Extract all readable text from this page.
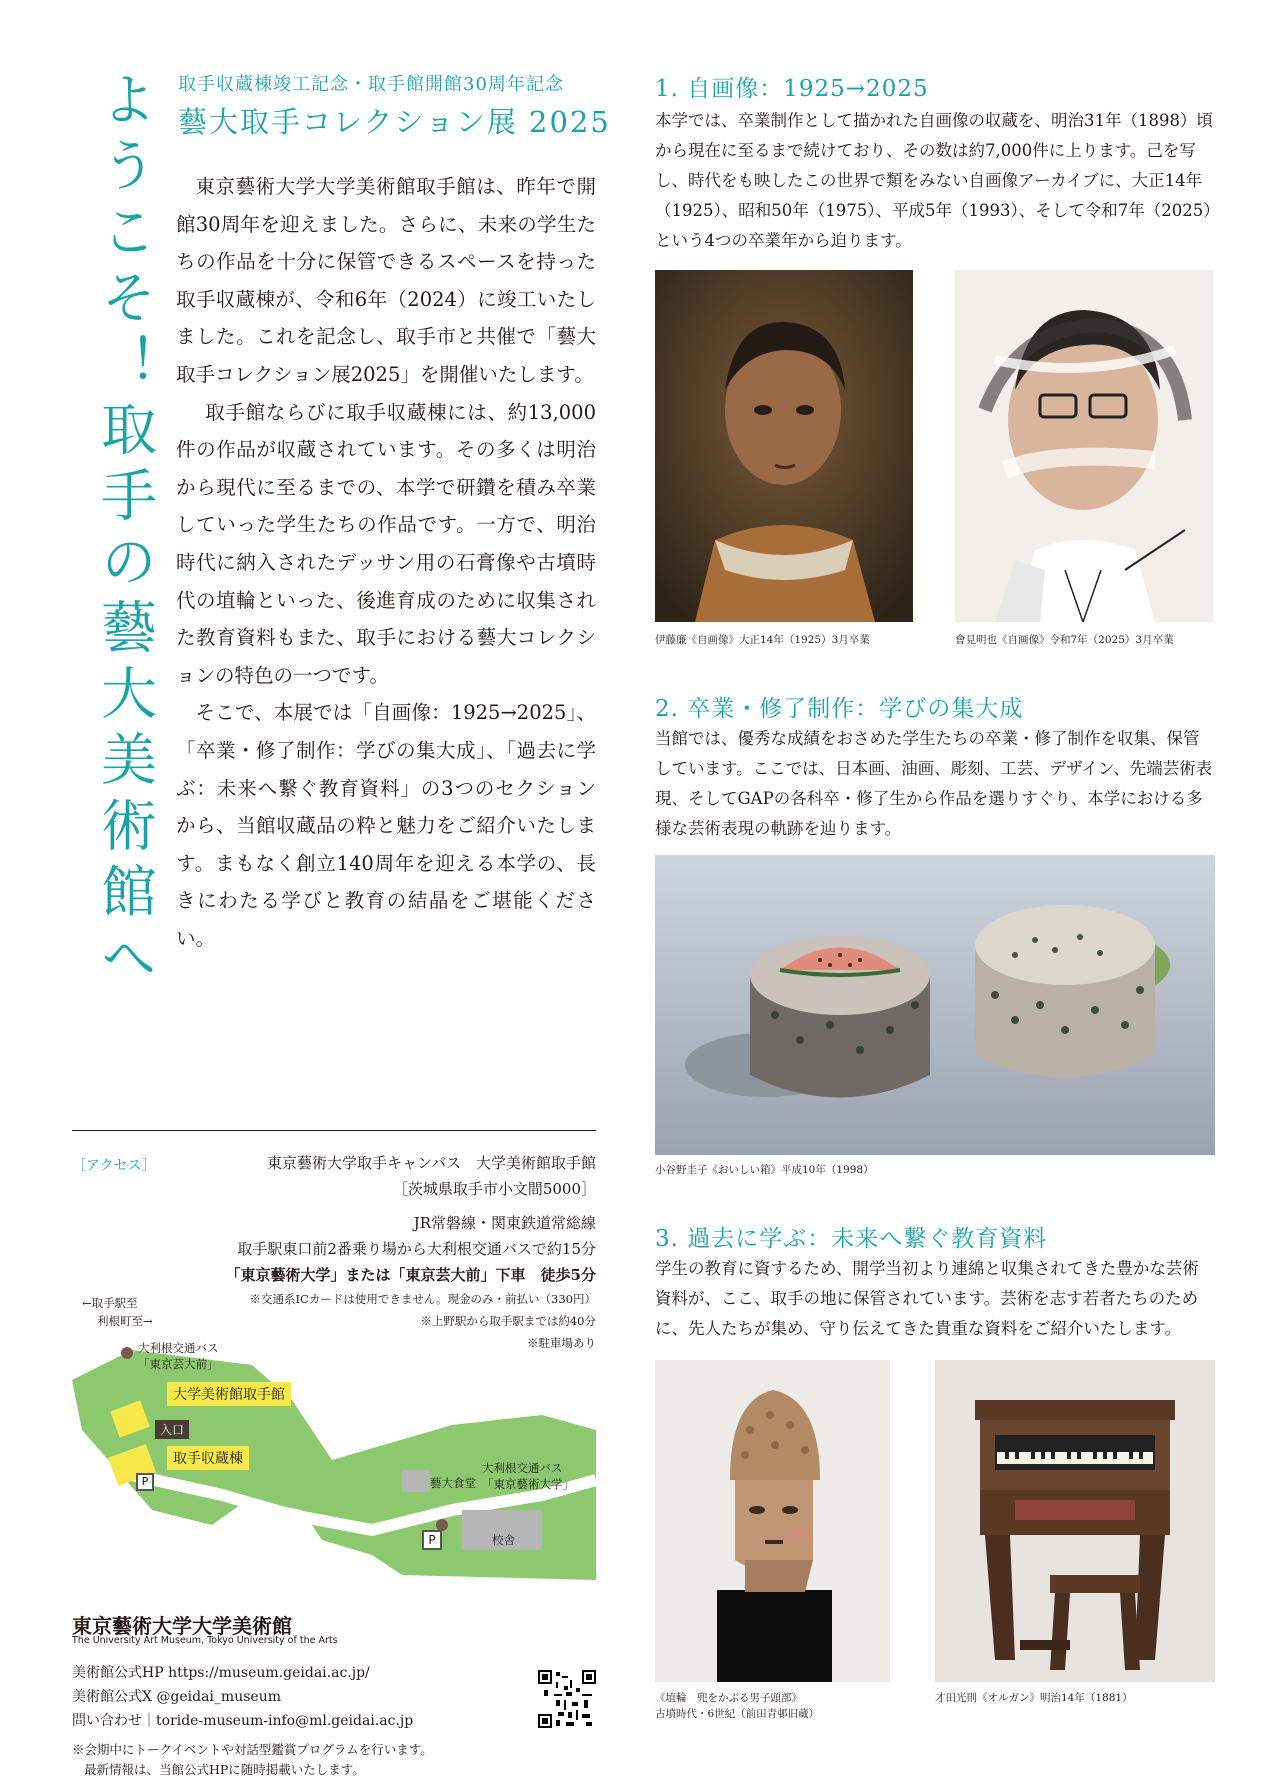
ようこそ！
取手の藝大美術館へ
取手収蔵棟竣工記念・取手館開館30周年記念
藝大取手コレクション展 2025

東京藝術大学大学美術館取手館は、昨年で開館30周年を迎えました。さらに、未来の学生たちの作品を十分に保管できるスペースを持った取手収蔵棟が、令和6年（2024）に竣工いたしました。これを記念し、取手市と共催で「藝大取手コレクション展2025」を開催いたします。

取手館ならびに取手収蔵棟には、約13,000件の作品が収蔵されています。その多くは明治から現代に至るまでの、本学で研鑽を積み卒業していった学生たちの作品です。一方で、明治時代に納入されたデッサン用の石膏像や古墳時代の埴輪といった、後進育成のために収集された教育資料もまた、取手における藝大コレクションの特色の一つです。

そこで、本展では「自画像：1925→2025」、「卒業・修了制作：学びの集大成」、「過去に学ぶ：未来へ繋ぐ教育資料」の3つのセクションから、当館収蔵品の粋と魅力をご紹介いたします。まもなく創立140周年を迎える本学の、長きにわたる学びと教育の結晶をご堪能ください。

［アクセス］	東京藝術大学取手キャンパス　大学美術館取手館
［茨城県取手市小文間5000］
JR常磐線・関東鉄道常総線
取手駅東口前2番乗り場から大利根交通バスで約15分
「東京藝術大学」または「東京芸大前」下車　徒歩5分
※交通系ICカードは使用できません。現金のみ・前払い（330円）
※上野駅から取手駅までは約40分
※駐車場あり
←取手駅至
利根町至→
大利根交通バス
「東京芸大前」
大学美術館取手館
入口
取手収蔵棟
P	藝大食堂
大利根交通バス
「東京藝術大学」
P	校舎
東京藝術大学大学美術館
The University Art Museum, Tokyo University of the Arts
美術館公式HP https://museum.geidai.ac.jp/
美術館公式X @geidai_museum
問い合わせ｜toride-museum-info@ml.geidai.ac.jp
※会期中にトークイベントや対話型鑑賞プログラムを行います。
最新情報は、当館公式HPに随時掲載いたします。
1. 自画像：1925→2025
本学では、卒業制作として描かれた自画像の収蔵を、明治31年（1898）頃から現在に至るまで続けており、その数は約7,000件に上ります。己を写し、時代をも映したこの世界で類をみない自画像アーカイブに、大正14年（1925）、昭和50年（1975）、平成5年（1993）、そして令和7年（2025）という4つの卒業年から迫ります。
伊藤廉《自画像》大正14年（1925）3月卒業	會見明也《自画像》令和7年（2025）3月卒業
2. 卒業・修了制作：学びの集大成
当館では、優秀な成績をおさめた学生たちの卒業・修了制作を収集、保管しています。ここでは、日本画、油画、彫刻、工芸、デザイン、先端芸術表現、そしてGAPの各科卒・修了生から作品を選りすぐり、本学における多様な芸術表現の軌跡を辿ります。
小谷野圭子《おいしい箱》平成10年（1998）
3. 過去に学ぶ：未来へ繋ぐ教育資料
学生の教育に資するため、開学当初より連綿と収集されてきた豊かな芸術資料が、ここ、取手の地に保管されています。芸術を志す若者たちのために、先人たちが集め、守り伝えてきた貴重な資料をご紹介いたします。
《埴輪　兜をかぶる男子頭部》
古墳時代・6世紀（前田青邨旧蔵）
才田光則《オルガン》明治14年（1881）
